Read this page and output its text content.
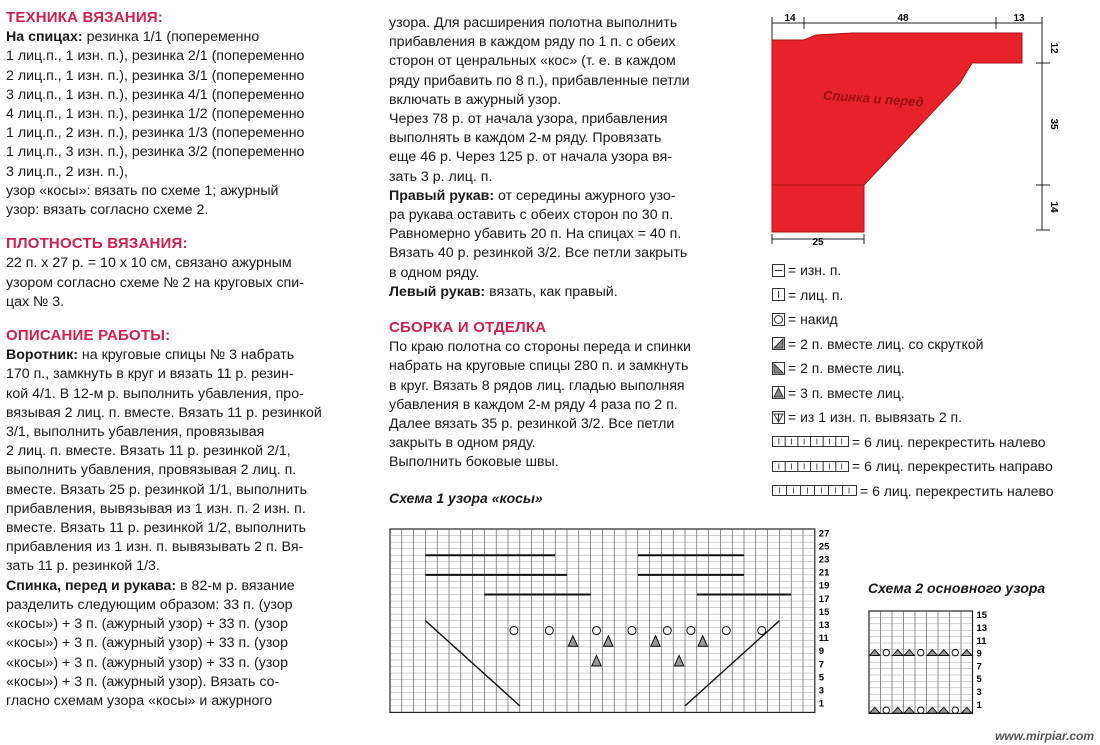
ТЕХНИКА ВЯЗАНИЯ:
На спицах: резинка 1/1 (попеременно
1 лиц.п., 1 изн. п.), резинка 2/1 (попеременно
2 лиц.п., 1 изн. п.), резинка 3/1 (попеременно
3 лиц.п., 1 изн. п.), резинка 4/1 (попеременно
4 лиц.п., 1 изн. п.), резинка 1/2 (попеременно
1 лиц.п., 2 изн. п.), резинка 1/3 (попеременно
1 лиц.п., 3 изн. п.), резинка 3/2 (попеременно
3 лиц.п., 2 изн. п.),
узор «косы»: вязать по схеме 1; ажурный
узор: вязать согласно схеме 2.
ПЛОТНОСТЬ ВЯЗАНИЯ:
22 п. х 27 р. = 10 х 10 см, связано ажурным
узором согласно схеме № 2 на круговых спи-
цах № 3.
ОПИСАНИЕ РАБОТЫ:
Воротник: на круговые спицы № 3 набрать
170 п., замкнуть в круг и вязать 11 р. резин-
кой 4/1. В 12-м р. выполнить убавления, про-
вязывая 2 лиц. п. вместе. Вязать 11 р. резинкой
3/1, выполнить убавления, провязывая
2 лиц. п. вместе. Вязать 11 р. резинкой 2/1,
выполнить убавления, провязывая 2 лиц. п.
вместе. Вязать 25 р. резинкой 1/1, выполнить
прибавления, вывязывая из 1 изн. п. 2 изн. п.
вместе. Вязать 11 р. резинкой 1/2, выполнить
прибавления из 1 изн. п. вывязывать 2 п. Вя-
зать 11 р. резинкой 1/3.
Спинка, перед и рукава: в 82-м р. вязание
разделить следующим образом: 33 п. (узор
«косы») + 3 п. (ажурный узор) + 33 п. (узор
«косы») + 3 п. (ажурный узор) + 33 п. (узор
«косы») + 3 п. (ажурный узор) + 33 п. (узор
«косы») + 3 п. (ажурный узор). Вязать со-
гласно схемам узора «косы» и ажурного
узора. Для расширения полотна выполнить
прибавления в каждом ряду по 1 п. с обеих
сторон от ценральных «кос» (т. е. в каждом
ряду прибавить по 8 п.), прибавленные петли
включать в ажурный узор.
Через 78 р. от начала узора, прибавления
выполнять в каждом 2-м ряду. Провязать
еще 46 р. Через 125 р. от начала узора вя-
зать 3 р. лиц. п.
Правый рукав: от середины ажурного узо-
ра рукава оставить с обеих сторон по 30 п.
Равномерно убавить 20 п. На спицах = 40 п.
Вязать 40 р. резинкой 3/2. Все петли закрыть
в одном ряду.
Левый рукав: вязать, как правый.
СБОРКА И ОТДЕЛКА
По краю полотна со стороны переда и спинки
набрать на круговые спицы 280 п. и замкнуть
в круг. Вязать 8 рядов лиц. гладью выполняя
убавления в каждом 2-м ряду 4 раза по 2 п.
Далее вязать 35 р. резинкой 3/2. Все петли
закрыть в одном ряду.
Выполнить боковые швы.
Схема 1 узора «косы»
14	48	13
12
35
14
25
Спинка и перед
= изн. п.
= лиц. п.
= накид
= 2 п. вместе лиц. со скруткой
= 2 п. вместе лиц.
= 3 п. вместе лиц.
= из 1 изн. п. вывязать 2 п.
= 6 лиц. перекрестить налево
= 6 лиц. перекрестить направо
= 6 лиц. перекрестить налево
27
25
23
21
19
17
15
13
11
9
7
5
3
1
Схема 2 основного узора
15
13
11
9
7
5
3
1
www.mirpiar.com
